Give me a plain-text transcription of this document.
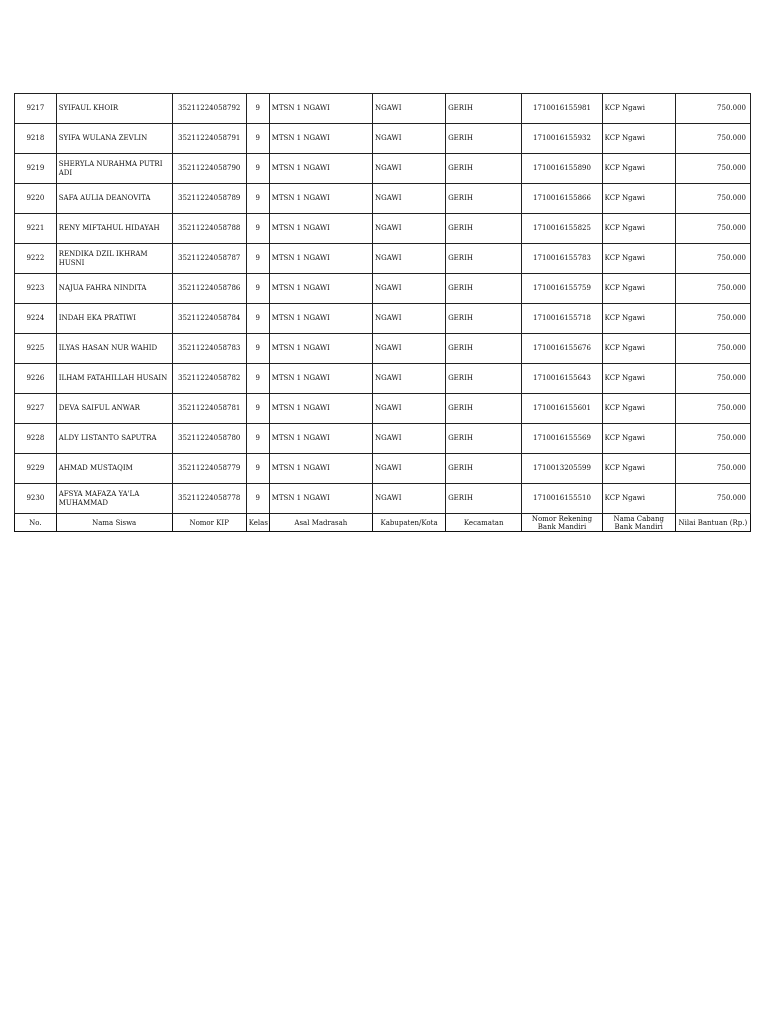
9217	SYIFAUL KHOIR	35211224058792	9	MTSN 1 NGAWI	NGAWI	GERIH	1710016155981	KCP Ngawi	750.000
9218	SYIFA WULANA ZEVLIN	35211224058791	9	MTSN 1 NGAWI	NGAWI	GERIH	1710016155932	KCP Ngawi	750.000
9219	SHERYLA NURAHMA PUTRI ADI	35211224058790	9	MTSN 1 NGAWI	NGAWI	GERIH	1710016155890	KCP Ngawi	750.000
9220	SAFA AULIA DEANOVITA	35211224058789	9	MTSN 1 NGAWI	NGAWI	GERIH	1710016155866	KCP Ngawi	750.000
9221	RENY MIFTAHUL HIDAYAH	35211224058788	9	MTSN 1 NGAWI	NGAWI	GERIH	1710016155825	KCP Ngawi	750.000
9222	RENDIKA DZIL IKHRAM HUSNI	35211224058787	9	MTSN 1 NGAWI	NGAWI	GERIH	1710016155783	KCP Ngawi	750.000
9223	NAJUA FAHRA NINDITA	35211224058786	9	MTSN 1 NGAWI	NGAWI	GERIH	1710016155759	KCP Ngawi	750.000
9224	INDAH EKA PRATIWI	35211224058784	9	MTSN 1 NGAWI	NGAWI	GERIH	1710016155718	KCP Ngawi	750.000
9225	ILYAS HASAN NUR WAHID	35211224058783	9	MTSN 1 NGAWI	NGAWI	GERIH	1710016155676	KCP Ngawi	750.000
9226	ILHAM FATAHILLAH HUSAIN	35211224058782	9	MTSN 1 NGAWI	NGAWI	GERIH	1710016155643	KCP Ngawi	750.000
9227	DEVA SAIFUL ANWAR	35211224058781	9	MTSN 1 NGAWI	NGAWI	GERIH	1710016155601	KCP Ngawi	750.000
9228	ALDY LISTANTO SAPUTRA	35211224058780	9	MTSN 1 NGAWI	NGAWI	GERIH	1710016155569	KCP Ngawi	750.000
9229	AHMAD MUSTAQIM	35211224058779	9	MTSN 1 NGAWI	NGAWI	GERIH	1710013205599	KCP Ngawi	750.000
9230	AFSYA MAFAZA YA'LA MUHAMMAD	35211224058778	9	MTSN 1 NGAWI	NGAWI	GERIH	1710016155510	KCP Ngawi	750.000
No.	Nama Siswa	Nomor KIP	Kelas	Asal Madrasah	Kabupaten/Kota	Kecamatan	Nomor Rekening Bank Mandiri	Nama Cabang Bank Mandiri	Nilai Bantuan (Rp.)
